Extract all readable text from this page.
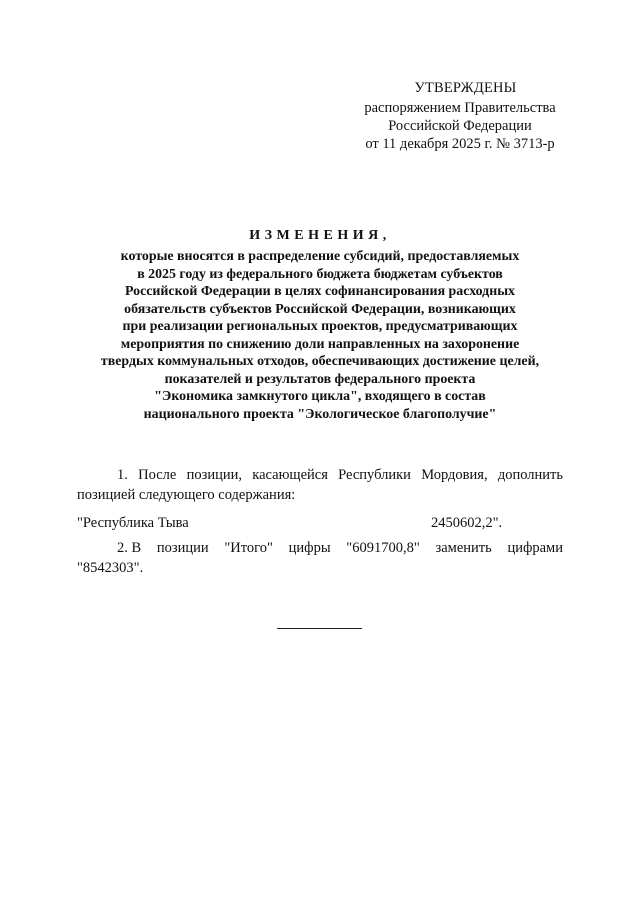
УТВЕРЖДЕНЫ
распоряжением Правительства
Российской Федерации
от 11 декабря 2025 г. № 3713-р
ИЗМЕНЕНИЯ,
которые вносятся в распределение субсидий, предоставляемых
в 2025 году из федерального бюджета бюджетам субъектов
Российской Федерации в целях софинансирования расходных
обязательств субъектов Российской Федерации, возникающих
при реализации региональных проектов, предусматривающих
мероприятия по снижению доли направленных на захоронение
твердых коммунальных отходов, обеспечивающих достижение целей,
показателей и результатов федерального проекта
"Экономика замкнутого цикла", входящего в состав
национального проекта "Экологическое благополучие"
1. После позиции, касающейся Республики Мордовия, дополнить позицией следующего содержания:
"Республика Тыва	2450602,2".
2. В позиции "Итого" цифры "6091700,8" заменить цифрами
"8542303".
